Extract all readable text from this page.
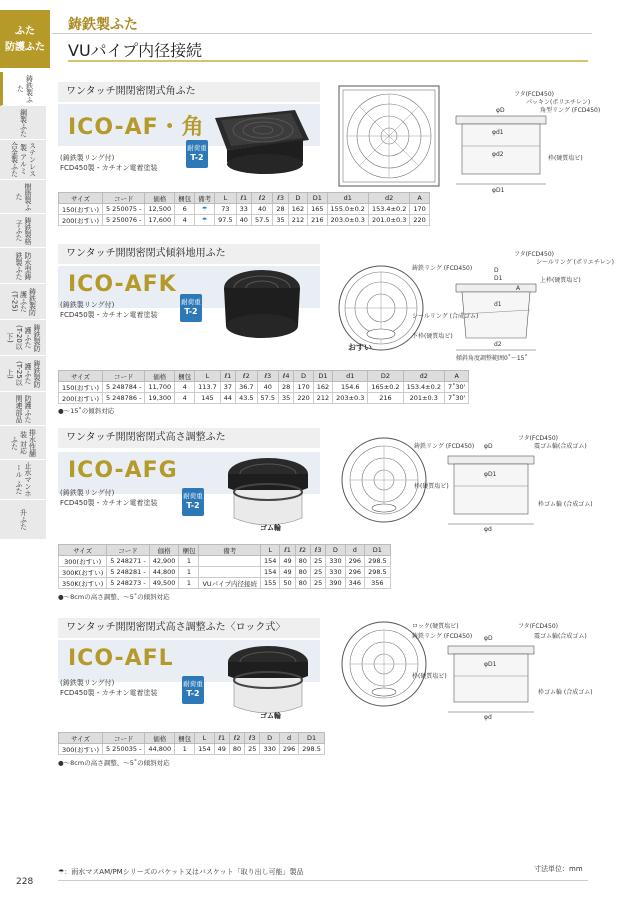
ふた
防護ふた
鋳鉄製ふた
鋼製ふた
ステンレス製 アルミ合金製ふた
樹脂製ふた
鋳鉄製格子ふた
防水型鋳鉄製ふた
鋳鉄製防護ふた (T-25)
鋳鉄製防護ふた (T-20以下)
鋳鉄製防護ふた (T-25以上)
防護ふた 関連部品
排水性舗装 対応ふた
止水マンホール ふた
升ふた
鋳鉄製ふた
VUパイプ内径接続
ワンタッチ開閉密閉式角ふた
ICO-AF・角
(鋳鉄製リング付)
FCD450製・カチオン電着塗装
耐荷重
T-2
フタ(FCD450)
パッキン(ポリエチレン)
角型リング (FCD450)
枠(硬質塩ビ)
φD
φd1
φd2
φD1
サイズ	コード	価格	梱包	備考	L	ℓ1	ℓ2	ℓ3	D	D1	d1	d2	A
150(おすい)	5 250075 -	12,500	6	☂	73	33	40	28	162	165	155.0±0.2	153.4±0.2	170
200(おすい)	5 250076 -	17,600	4	☂	97.5	40	57.5	35	212	216	203.0±0.3	201.0±0.3	220
ワンタッチ開閉密閉式傾斜地用ふた
ICO-AFK
(鋳鉄製リング付)
FCD450製・カチオン電着塗装
耐荷重
T-2
おすい
フタ(FCD450)
鋳鉄リング (FCD450)
シールリング (ポリエチレン)
上枠(硬質塩ビ)
シールリング (合成ゴム)
下枠(硬質塩ビ)
傾斜角度調整範囲0˚～15˚
D
D1
d1
d2
A
サイズ	コード	価格	梱包	L	ℓ1	ℓ2	ℓ3	ℓ4	D	D1	d1	D2	d2	A
150(おすい)	5 248784 -	11,700	4	113.7	37	36.7	40	28	170	162	154.6	165±0.2	153.4±0.2	7˚30'
200(おすい)	5 248786 -	19,300	4	145	44	43.5	57.5	35	220	212	203±0.3	216	201±0.3	7˚30'
●～15˚の傾斜対応
ワンタッチ開閉密閉式高さ調整ふた
ICO-AFG
(鋳鉄製リング付)
FCD450製・カチオン電着塗装
耐荷重
T-2
ゴム輪
フタ(FCD450)
鋳鉄リング (FCD450)	震ゴム輪(合成ゴム)
枠(硬質塩ビ)
枠ゴム輪 (合成ゴム)
φD
φD1
φd
サイズ	コード	価格	梱包	備考	L	ℓ1	ℓ2	ℓ3	D	d	D1
300(おすい)	5 248271 -	42,900	1		154	49	80	25	330	296	298.5
300K(おすい)	5 248281 -	44,800	1		154	49	80	25	330	296	298.5
350K(おすい)	5 248273 -	49,500	1	VUパイプ内径接続	155	50	80	25	390	346	356
●～8cmの高さ調整、～5˚の傾斜対応
ワンタッチ開閉密閉式高さ調整ふた〈ロック式〉
ICO-AFL
(鋳鉄製リング付)
FCD450製・カチオン電着塗装
耐荷重
T-2
ゴム輪
ロック(硬質塩ビ)	フタ(FCD450)
鋳鉄リング (FCD450)	震ゴム輪(合成ゴム)
枠(硬質塩ビ)
枠ゴム輪 (合成ゴム)
φD
φD1
φd
サイズ	コード	価格	梱包	L	ℓ1	ℓ2	ℓ3	D	d	D1
300(おすい)	5 250035 -	44,800	1	154	49	80	25	330	296	298.5
●～8cmの高さ調整、～5˚の傾斜対応
☂：雨水マスAM/PMシリーズのバケット又はバスケット「取り出し可能」製品	寸法単位：mm
228
